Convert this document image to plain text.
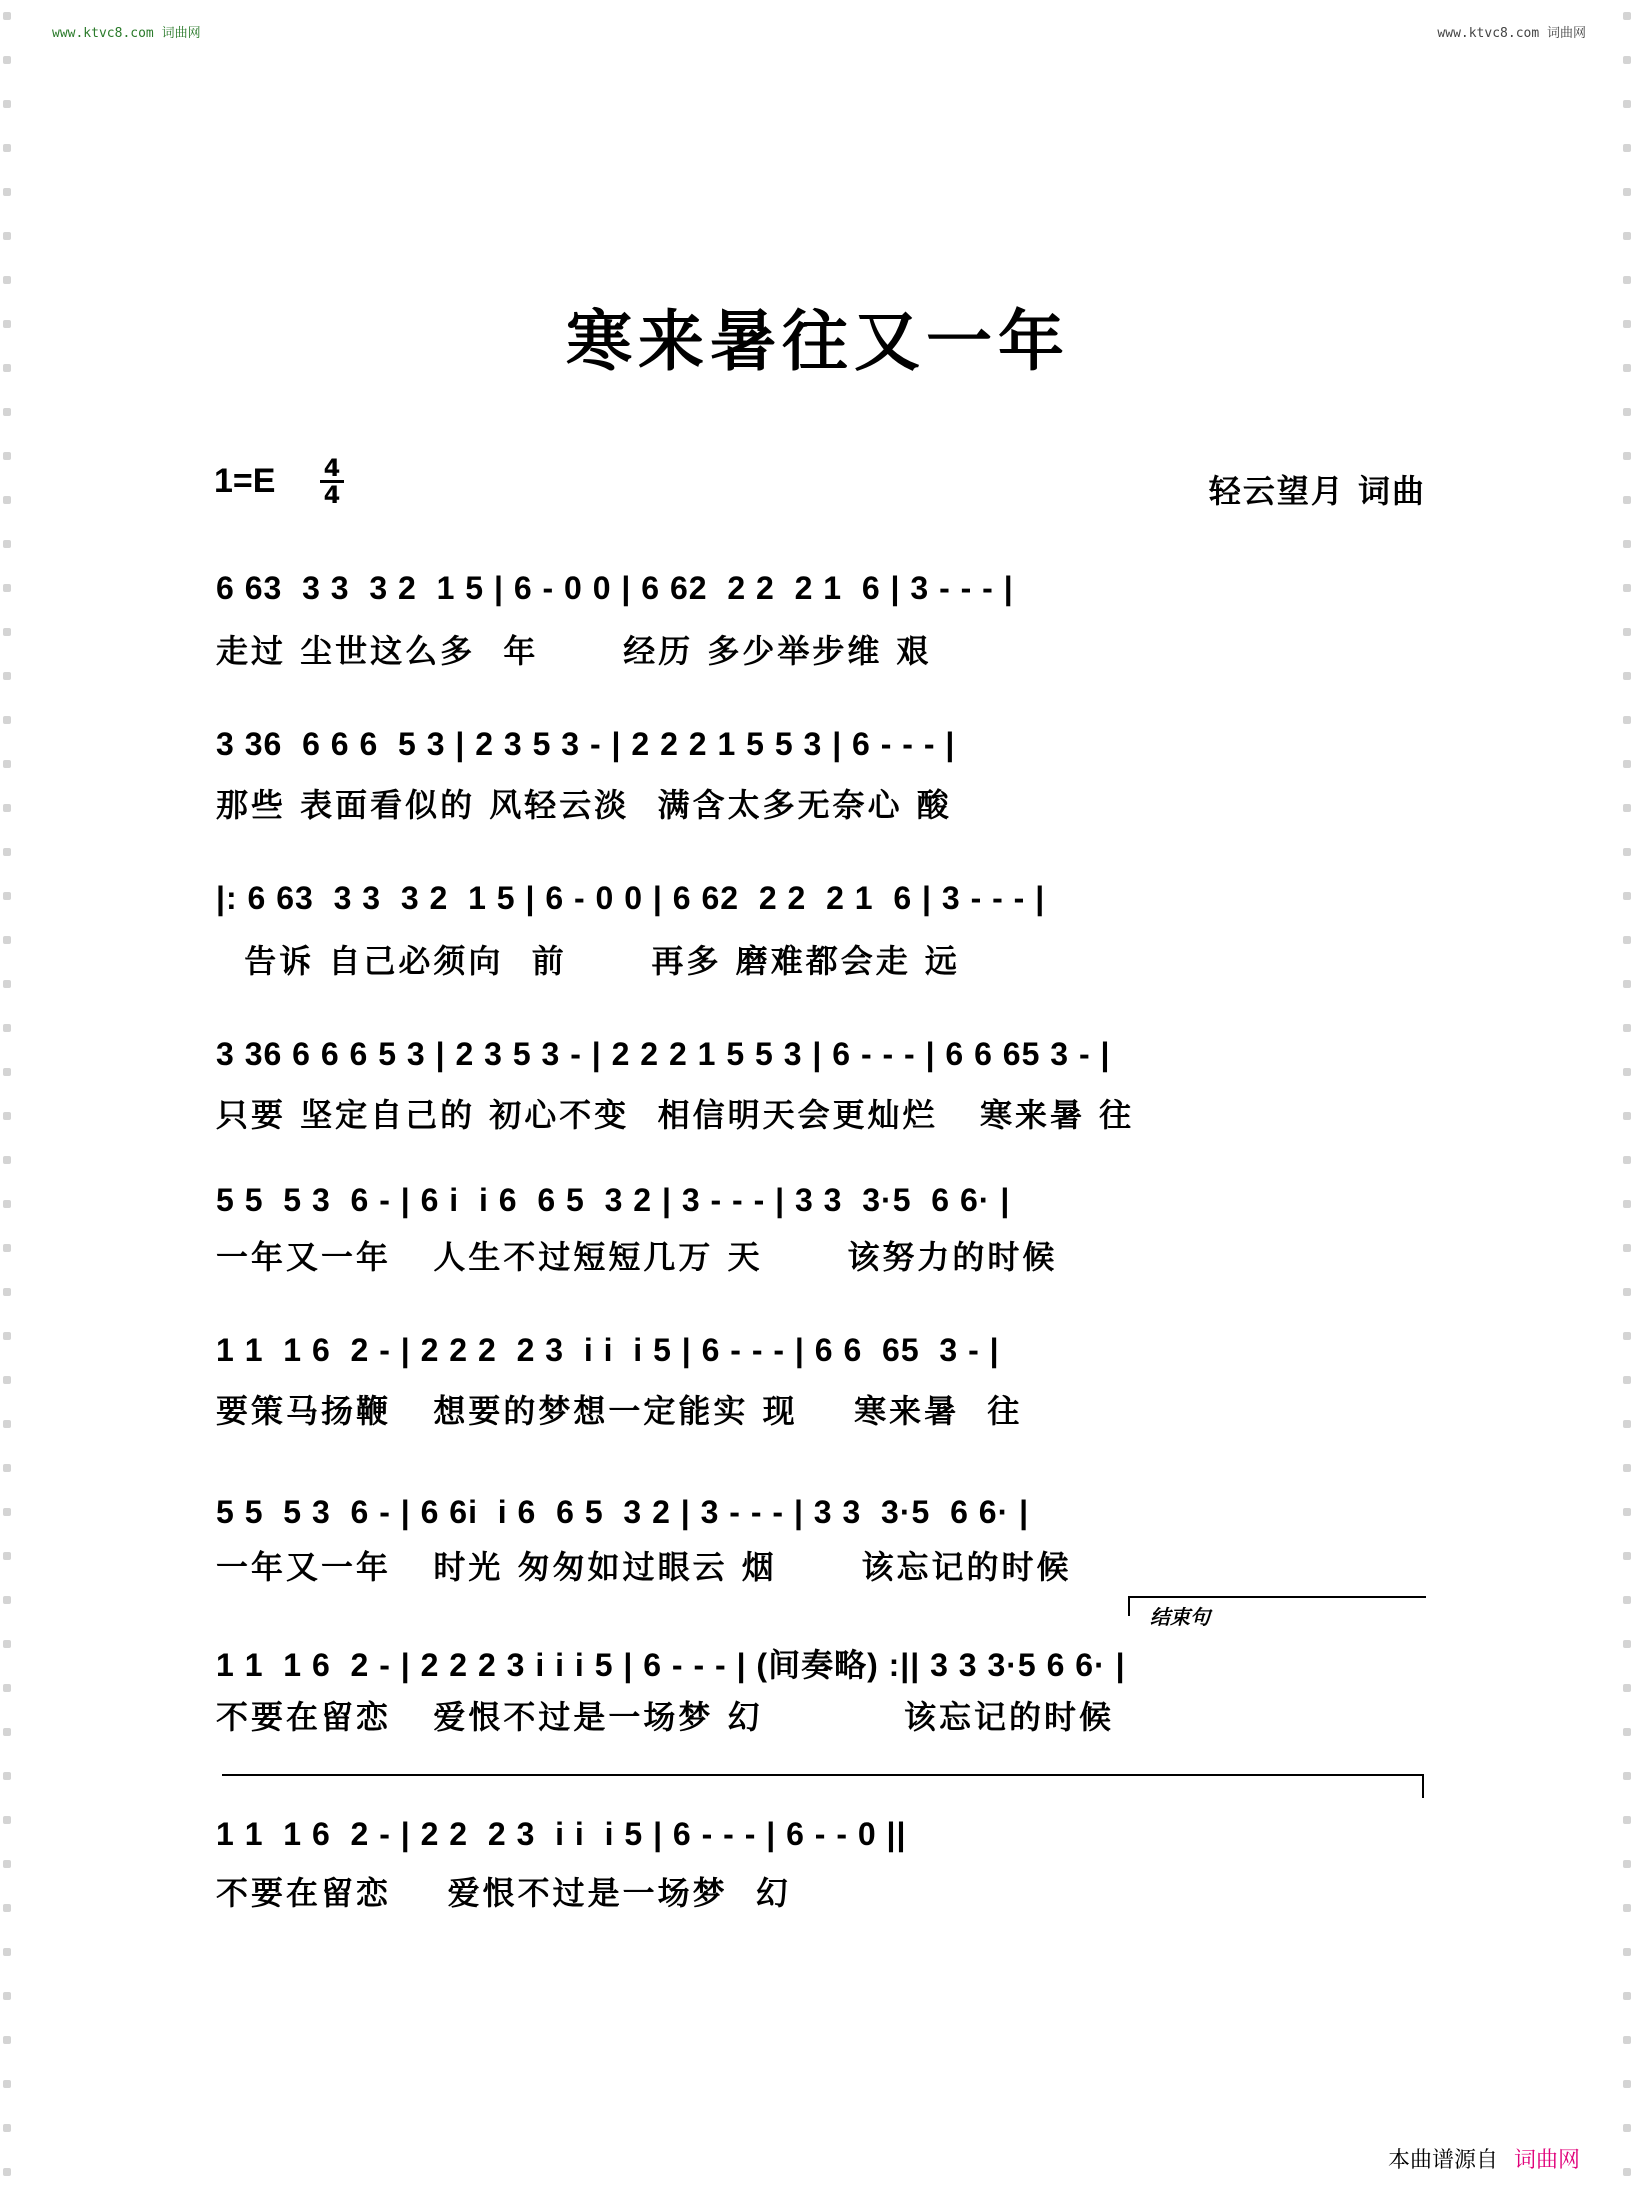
www.ktvc8.com 词曲网	www.ktvc8.com 词曲网
寒来暑往又一年
1=E 4
4	轻云望月 词曲
6 63  3 3  3 2  1 5 | 6 - 0 0 | 6 62  2 2  2 1  6 | 3 - - - |
走过 尘世这么多  年      经历 多少举步维 艰
3 36  6 6 6  5 3 | 2 3 5 3 - | 2 2 2 1 5 5 3 | 6 - - - |
那些 表面看似的 风轻云淡  满含太多无奈心 酸
|: 6 63  3 3  3 2  1 5 | 6 - 0 0 | 6 62  2 2  2 1  6 | 3 - - - |
告诉 自己必须向  前      再多 磨难都会走 远
3 36 6 6 6 5 3 | 2 3 5 3 - | 2 2 2 1 5 5 3 | 6 - - - | 6 6 65 3 - |
只要 坚定自己的 初心不变  相信明天会更灿烂   寒来暑 往
5 5  5 3  6 - | 6 i  i 6  6 5  3 2 | 3 - - - | 3 3  3·5  6 6· |
一年又一年   人生不过短短几万 天      该努力的时候
1 1  1 6  2 - | 2 2 2  2 3  i i  i 5 | 6 - - - | 6 6  65  3 - |
要策马扬鞭   想要的梦想一定能实 现    寒来暑  往
5 5  5 3  6 - | 6 6i  i 6  6 5  3 2 | 3 - - - | 3 3  3·5  6 6· |
一年又一年   时光 匆匆如过眼云 烟      该忘记的时候
结束句
1 1  1 6  2 - | 2 2 2 3 i i i 5 | 6 - - - | (间奏略) :|| 3 3 3·5 6 6· |
不要在留恋   爱恨不过是一场梦 幻          该忘记的时候
1 1  1 6  2 - | 2 2  2 3  i i  i 5 | 6 - - - | 6 - - 0 ||
不要在留恋    爱恨不过是一场梦  幻
本曲谱源自 词曲网
